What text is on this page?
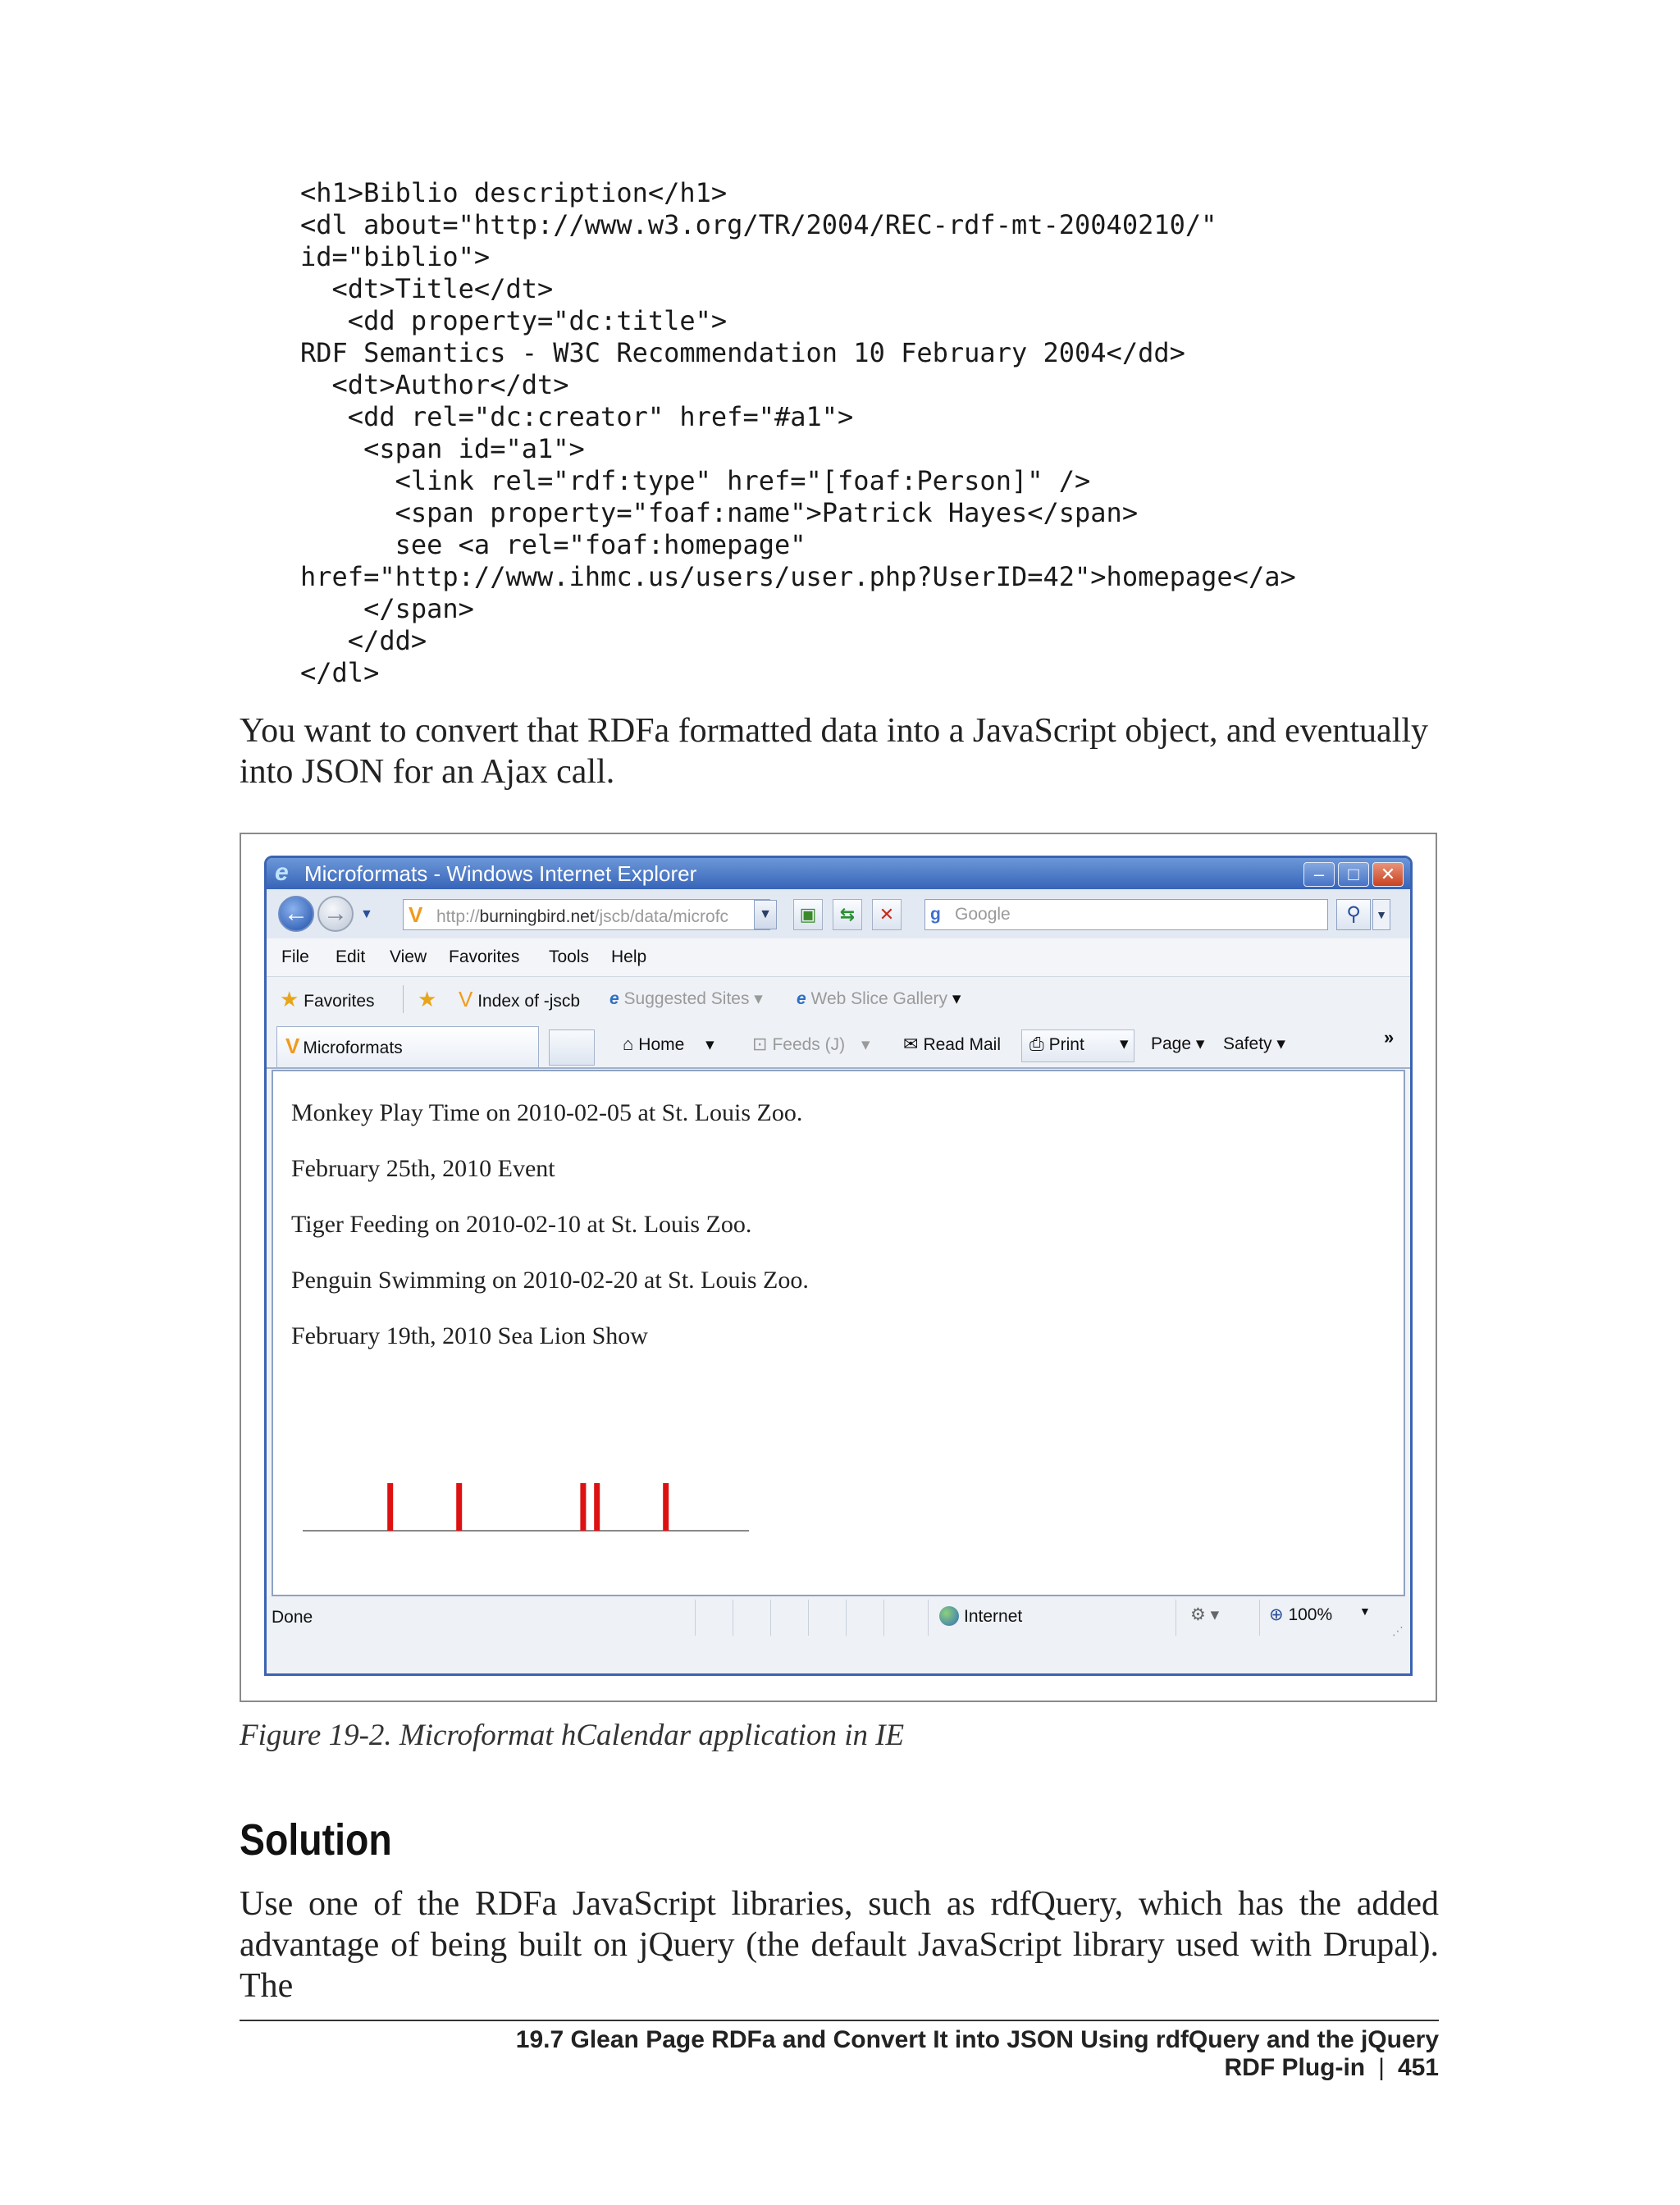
<h1>Biblio description</h1>
<dl about="http://www.w3.org/TR/2004/REC-rdf-mt-20040210/"
id="biblio">
<dt>Title</dt>
<dd property="dc:title">
RDF Semantics - W3C Recommendation 10 February 2004</dd>
<dt>Author</dt>
<dd rel="dc:creator" href="#a1">
<span id="a1">
<link rel="rdf:type" href="[foaf:Person]" />
<span property="foaf:name">Patrick Hayes</span>
see <a rel="foaf:homepage"
href="http://www.ihmc.us/users/user.php?UserID=42">homepage</a>
</span>
</dd>
</dl>

You want to convert that RDFa formatted data into a JavaScript object, and eventually into JSON for an Ajax call.

e Microformats - Windows Internet Explorer	–	□	✕
← → ▼ V http://burningbird.net/jscb/data/microfc	▼	▣	⇆	✕	g Google	⚲	▼
File Edit View Favorites Tools Help
★ Favorites ★ V Index of -jscb e Suggested Sites ▾ e Web Slice Gallery ▾
V Microformats	⌂ Home ▾ ⊡ Feeds (J) ▾ ✉ Read Mail ⎙ Print ▾ Page ▾ Safety ▾	»
Monkey Play Time on 2010-02-05 at St. Louis Zoo.
February 25th, 2010 Event
Tiger Feeding on 2010-02-10 at St. Louis Zoo.
Penguin Swimming on 2010-02-20 at St. Louis Zoo.
February 19th, 2010 Sea Lion Show
Done	Internet	⚙ ▾	⊕ 100% ▼
⋰
Figure 19-2. Microformat hCalendar application in IE
Solution

Use one of the RDFa JavaScript libraries, such as rdfQuery, which has the added advantage of being built on jQuery (the default JavaScript library used with Drupal). The

19.7 Glean Page RDFa and Convert It into JSON Using rdfQuery and the jQuery RDF Plug-in | 451
